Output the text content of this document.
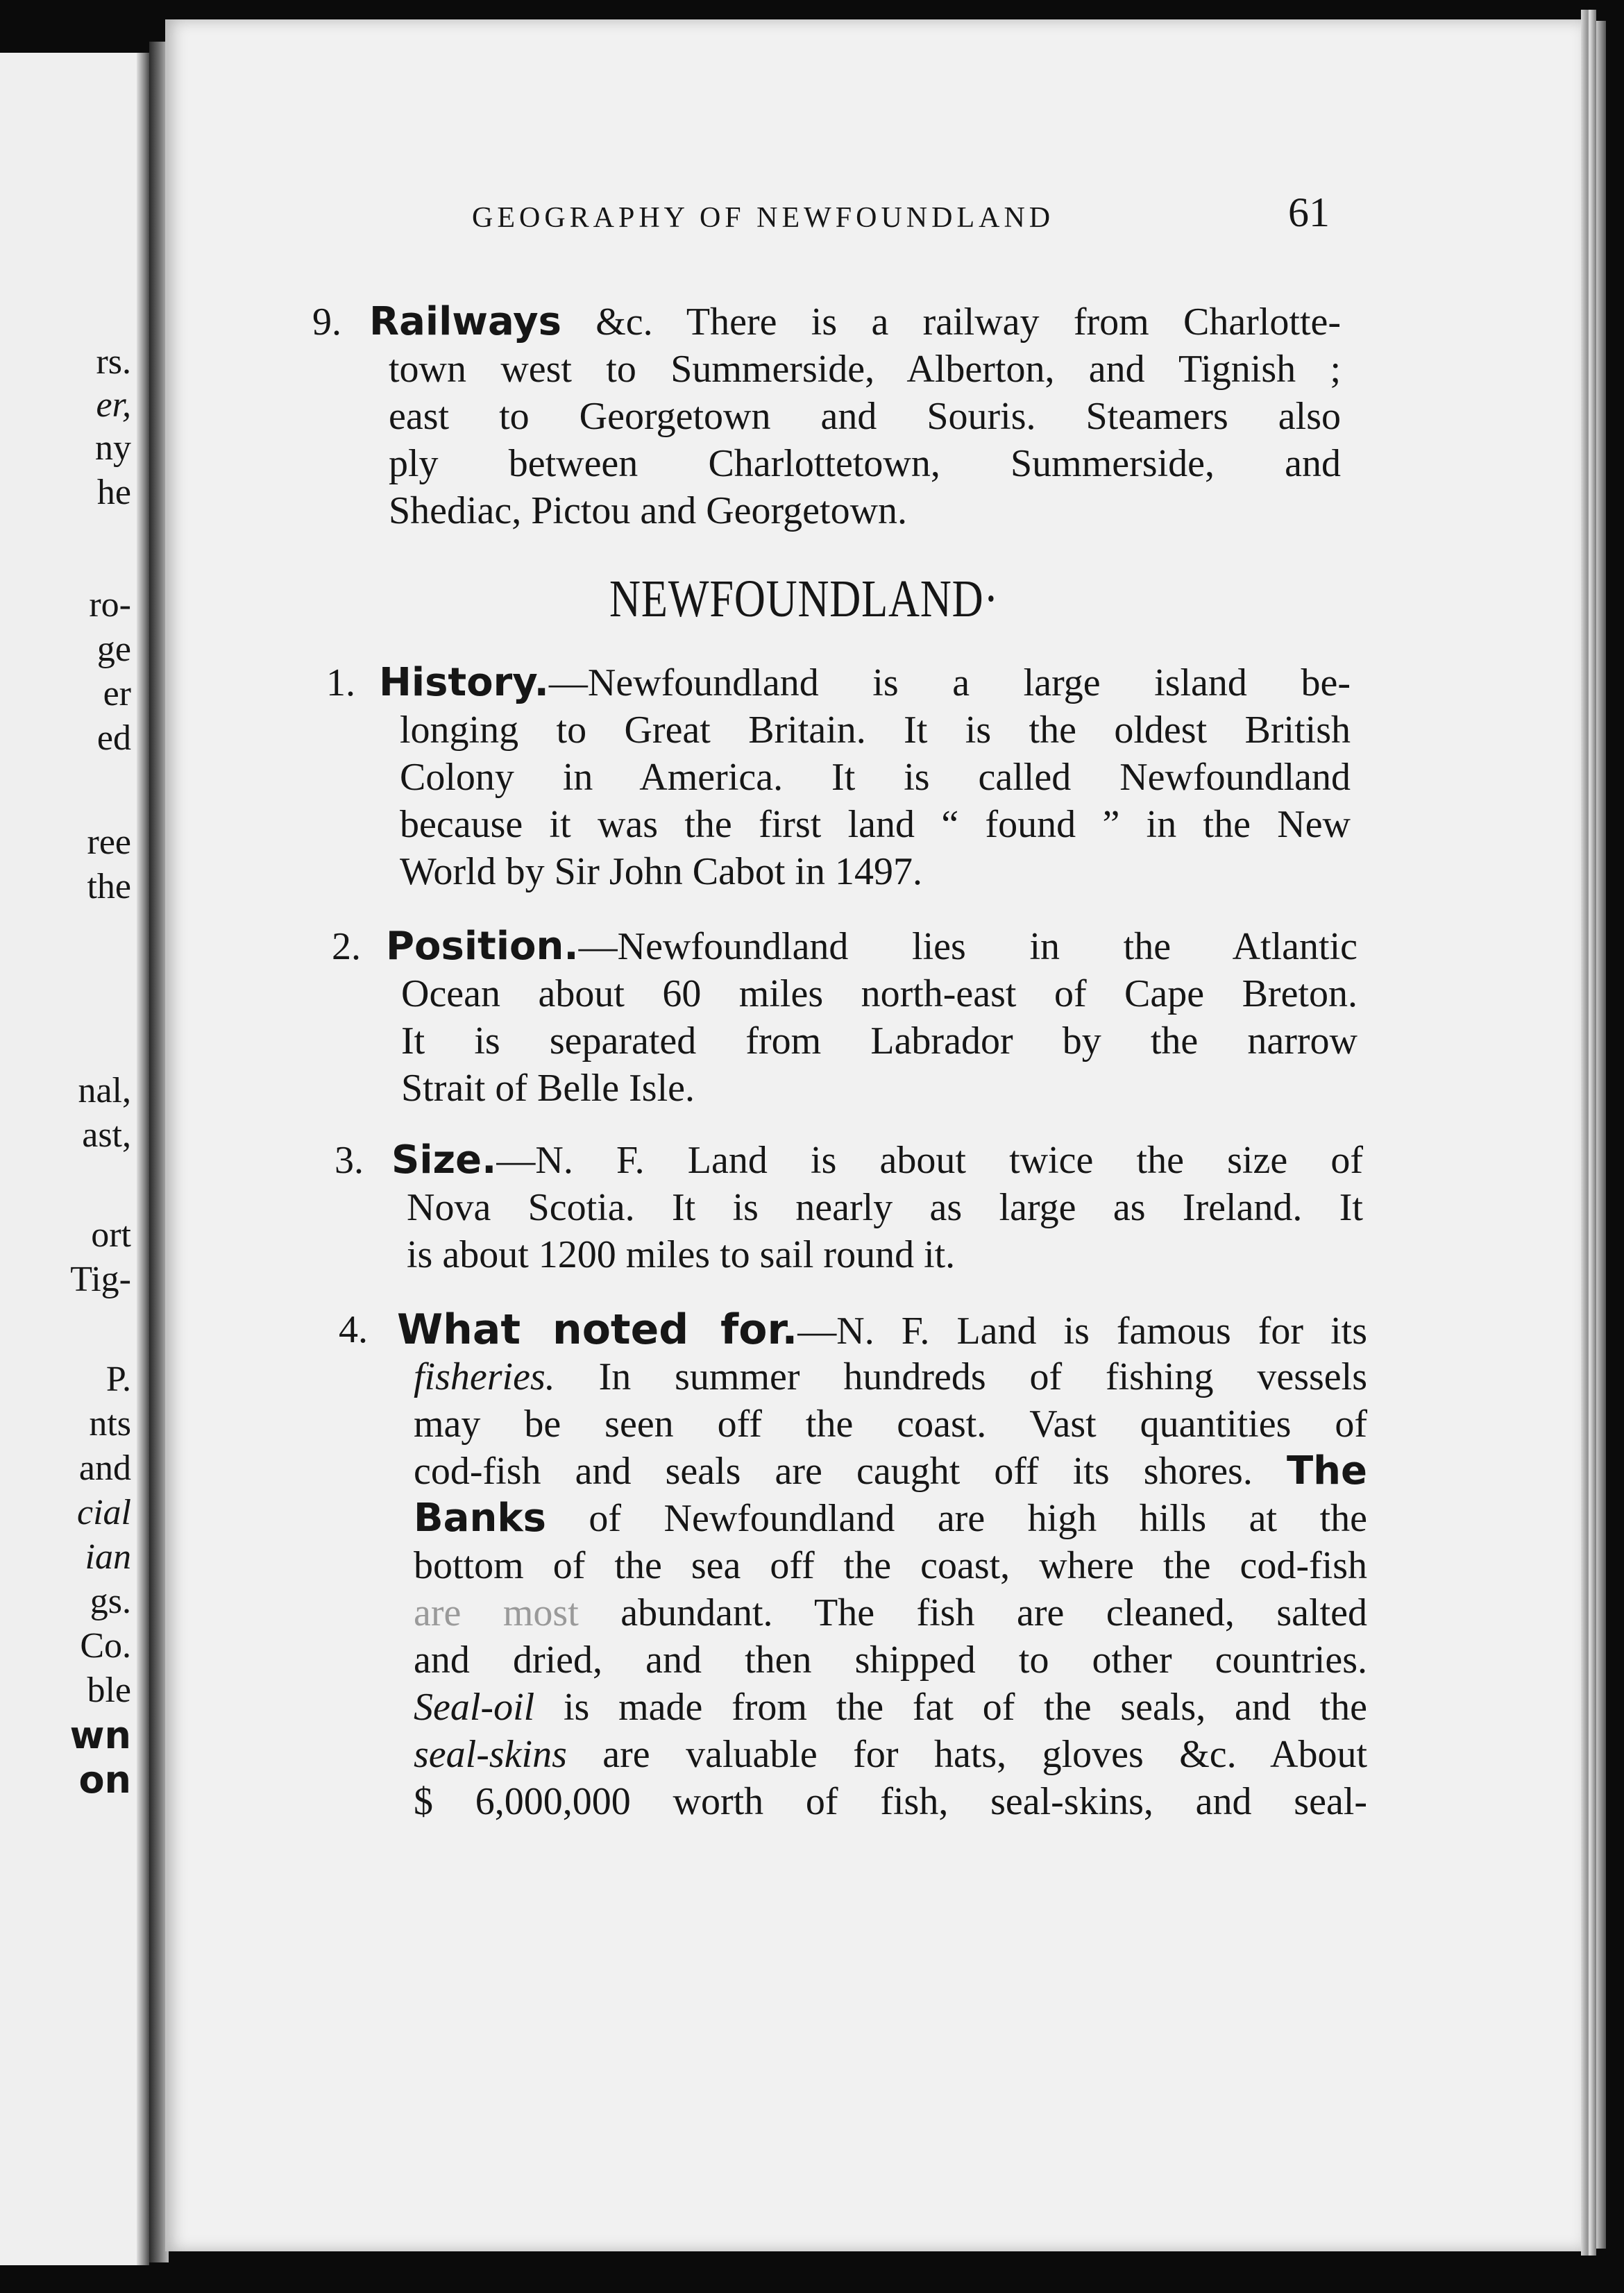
rs.
er,
ny
he
ro-
ge
er
ed
ree
the
nal,
ast,
ort
Tig-
P.
nts
and
cial
ian
gs.
Co.
ble
wn
on
GEOGRAPHY OF NEWFOUNDLAND	61
9. Railways &c. There is a railway from Charlotte-
town west to Summerside, Alberton, and Tignish ;
east to Georgetown and Souris. Steamers also
ply between Charlottetown, Summerside, and
Shediac, Pictou and Georgetown.
NEWFOUNDLAND·
1. History.—Newfoundland is a large island be-
longing to Great Britain. It is the oldest British
Colony in America. It is called Newfoundland
because it was the first land “ found ” in the New
World by Sir John Cabot in 1497.
2. Position.—Newfoundland lies in the Atlantic
Ocean about 60 miles north-east of Cape Breton.
It is separated from Labrador by the narrow
Strait of Belle Isle.
3. Size.—N. F. Land is about twice the size of
Nova Scotia. It is nearly as large as Ireland. It
is about 1200 miles to sail round it.
4. What noted for.—N. F. Land is famous for its
fisheries. In summer hundreds of fishing vessels
may be seen off the coast. Vast quantities of
cod-fish and seals are caught off its shores. The
Banks of Newfoundland are high hills at the
bottom of the sea off the coast, where the cod-fish
are most abundant. The fish are cleaned, salted
and dried, and then shipped to other countries.
Seal-oil is made from the fat of the seals, and the
seal-skins are valuable for hats, gloves &c. About
$ 6,000,000 worth of fish, seal-skins, and seal-
